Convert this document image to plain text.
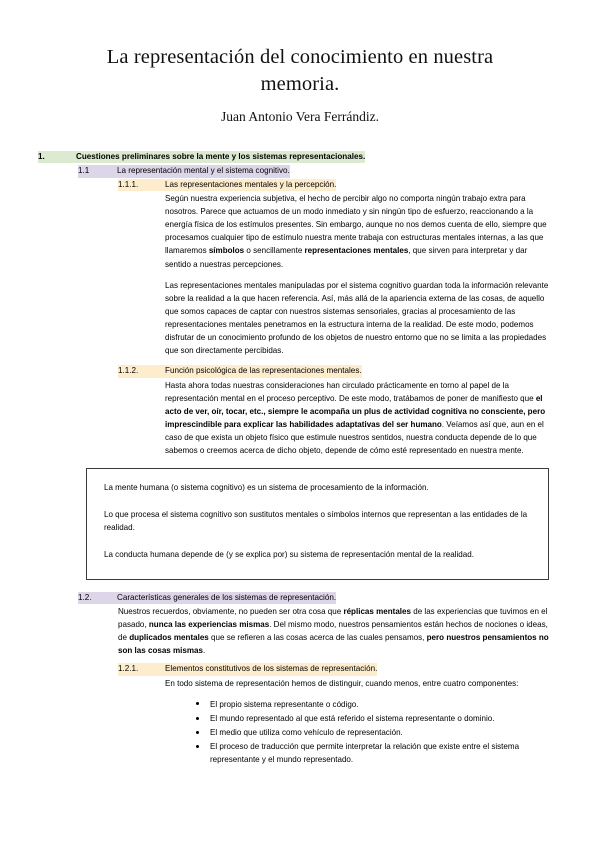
La representación del conocimiento en nuestra memoria.
Juan Antonio Vera Ferrándiz.
1.	Cuestiones preliminares sobre la mente y los sistemas representacionales.
1.1	La representación mental y el sistema cognitivo.
1.1.1.	Las representaciones mentales y la percepción.

Según nuestra experiencia subjetiva, el hecho de percibir algo no comporta ningún trabajo extra para nosotros. Parece que actuamos de un modo inmediato y sin ningún tipo de esfuerzo, reaccionando a la energía física de los estímulos presentes. Sin embargo, aunque no nos demos cuenta de ello, siempre que procesamos cualquier tipo de estímulo nuestra mente trabaja con estructuras mentales internas, a las que llamaremos símbolos o sencillamente representaciones mentales, que sirven para interpretar y dar sentido a nuestras percepciones.

Las representaciones mentales manipuladas por el sistema cognitivo guardan toda la información relevante sobre la realidad a la que hacen referencia. Así, más allá de la apariencia externa de las cosas, de aquello que somos capaces de captar con nuestros sistemas sensoriales, gracias al procesamiento de las representaciones mentales penetramos en la estructura interna de la realidad. De este modo, podemos disfrutar de un conocimiento profundo de los objetos de nuestro entorno que no se limita a las propiedades que son directamente percibidas.

1.1.2.	Función psicológica de las representaciones mentales.

Hasta ahora todas nuestras consideraciones han circulado prácticamente en torno al papel de la representación mental en el proceso perceptivo. De este modo, tratábamos de poner de manifiesto que el acto de ver, oír, tocar, etc., siempre le acompaña un plus de actividad cognitiva no consciente, pero imprescindible para explicar las habilidades adaptativas del ser humano. Veíamos así que, aun en el caso de que exista un objeto físico que estimule nuestros sentidos, nuestra conducta depende de lo que sabemos o creemos acerca de dicho objeto, depende de cómo esté representado en nuestra mente.

La mente humana (o sistema cognitivo) es un sistema de procesamiento de la información.

Lo que procesa el sistema cognitivo son sustitutos mentales o símbolos internos que representan a las entidades de la realidad.

La conducta humana depende de (y se explica por) su sistema de representación mental de la realidad.

1.2.	Características generales de los sistemas de representación.

Nuestros recuerdos, obviamente, no pueden ser otra cosa que réplicas mentales de las experiencias que tuvimos en el pasado, nunca las experiencias mismas. Del mismo modo, nuestros pensamientos están hechos de nociones o ideas, de duplicados mentales que se refieren a las cosas acerca de las cuales pensamos, pero nuestros pensamientos no son las cosas mismas.

1.2.1.	Elementos constitutivos de los sistemas de representación.

En todo sistema de representación hemos de distinguir, cuando menos, entre cuatro componentes:

El propio sistema representante o código.
El mundo representado al que está referido el sistema representante o dominio.
El medio que utiliza como vehículo de representación.
El proceso de traducción que permite interpretar la relación que existe entre el sistema representante y el mundo representado.
